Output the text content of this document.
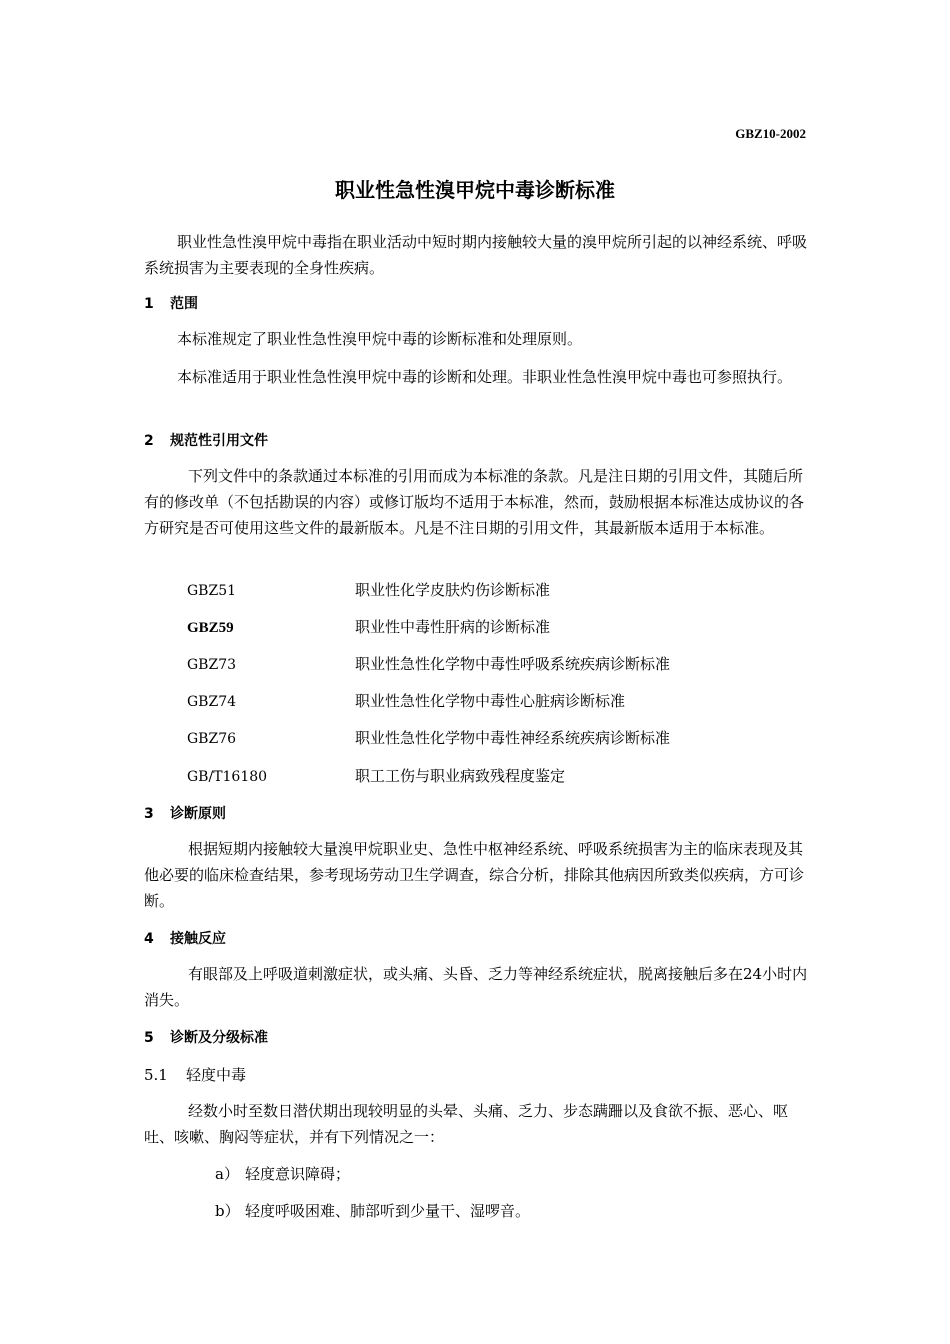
GBZ10-2002
职业性急性溴甲烷中毒诊断标准

职业性急性溴甲烷中毒指在职业活动中短时期内接触较大量的溴甲烷所引起的以神经系统、呼吸系统损害为主要表现的全身性疾病。

1 范围

本标准规定了职业性急性溴甲烷中毒的诊断标准和处理原则。

本标准适用于职业性急性溴甲烷中毒的诊断和处理。非职业性急性溴甲烷中毒也可参照执行。

2 规范性引用文件

下列文件中的条款通过本标准的引用而成为本标准的条款。凡是注日期的引用文件，其随后所有的修改单（不包括勘误的内容）或修订版均不适用于本标准，然而，鼓励根据本标准达成协议的各方研究是否可使用这些文件的最新版本。凡是不注日期的引用文件，其最新版本适用于本标准。

GBZ51	职业性化学皮肤灼伤诊断标准
GBZ59	职业性中毒性肝病的诊断标准
GBZ73	职业性急性化学物中毒性呼吸系统疾病诊断标准
GBZ74	职业性急性化学物中毒性心脏病诊断标准
GBZ76	职业性急性化学物中毒性神经系统疾病诊断标准
GB/T16180	职工工伤与职业病致残程度鉴定
3 诊断原则

根据短期内接触较大量溴甲烷职业史、急性中枢神经系统、呼吸系统损害为主的临床表现及其他必要的临床检查结果，参考现场劳动卫生学调查，综合分析，排除其他病因所致类似疾病，方可诊断。

4 接触反应

有眼部及上呼吸道刺激症状，或头痛、头昏、乏力等神经系统症状，脱离接触后多在24小时内消失。

5 诊断及分级标准
5.1 轻度中毒

经数小时至数日潜伏期出现较明显的头晕、头痛、乏力、步态蹒跚以及食欲不振、恶心、呕吐、咳嗽、胸闷等症状，并有下列情况之一：

a） 轻度意识障碍；
b） 轻度呼吸困难、肺部听到少量干、湿啰音。
